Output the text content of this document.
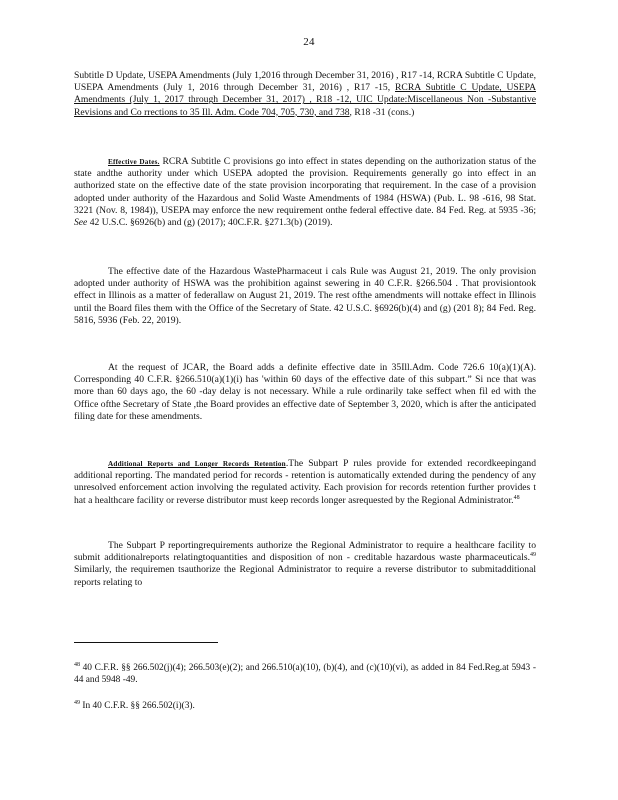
24

Subtitle D Update, USEPA Amendments (July 1,2016 through December 31, 2016) , R17 -14, RCRA Subtitle C Update, USEPA Amendments (July 1, 2016 through December 31, 2016) , R17 -15, RCRA Subtitle C Update, USEPA Amendments (July 1, 2017 through December 31, 2017) , R18 -12, UIC Update:Miscellaneous Non -Substantive Revisions and Co rrections to 35 Ill. Adm. Code 704, 705, 730, and 738, R18 -31 (cons.)

Effective Dates. RCRA Subtitle C provisions go into effect in states depending on the authorization status of the state andthe authority under which USEPA adopted the provision. Requirements generally go into effect in an authorized state on the effective date of the state provision incorporating that requirement. In the case of a provision adopted under authority of the Hazardous and Solid Waste Amendments of 1984 (HSWA) (Pub. L. 98 -616, 98 Stat. 3221 (Nov. 8, 1984)), USEPA may enforce the new requirement onthe federal effective date. 84 Fed. Reg. at 5935 -36; See 42 U.S.C. §6926(b) and (g) (2017); 40C.F.R. §271.3(b) (2019).

The effective date of the Hazardous WastePharmaceut i cals Rule was August 21, 2019. The only provision adopted under authority of HSWA was the prohibition against sewering in 40 C.F.R. §266.504 . That provisiontook effect in Illinois as a matter of federallaw on August 21, 2019. The rest ofthe amendments will nottake effect in Illinois until the Board files them with the Office of the Secretary of State. 42 U.S.C. §6926(b)(4) and (g) (201 8); 84 Fed. Reg. 5816, 5936 (Feb. 22, 2019).

At the request of JCAR, the Board adds a definite effective date in 35Ill.Adm. Code 726.6 10(a)(1)(A). Corresponding 40 C.F.R. §266.510(a)(1)(i) has 'within 60 days of the effective date of this subpart.” Si nce that was more than 60 days ago, the 60 -day delay is not necessary. While a rule ordinarily take seffect when fil ed with the Office ofthe Secretary of State ,the Board provides an effective date of September 3, 2020, which is after the anticipated filing date for these amendments.

Additional Reports and Longer Records Retention.The Subpart P rules provide for extended recordkeepingand additional reporting. The mandated period for records - retention is automatically extended during the pendency of any unresolved enforcement action involving the regulated activity. Each provision for records retention further provides t hat a healthcare facility or reverse distributor must keep records longer asrequested by the Regional Administrator.$^{48}$

The Subpart P reportingrequirements authorize the Regional Administrator to require a healthcare facility to submit additionalreports relatingtoquantities and disposition of non - creditable hazardous waste pharmaceuticals.$^{49}$ Similarly, the requiremen tsauthorize the Regional Administrator to require a reverse distributor to submitadditional reports relating to

$^{48}$ 40 C.F.R. §§ 266.502(j)(4); 266.503(e)(2); and 266.510(a)(10), (b)(4), and (c)(10)(vi), as added in 84 Fed.Reg.at 5943 - 44 and 5948 -49.
$^{49}$ In 40 C.F.R. §§ 266.502(i)(3).
